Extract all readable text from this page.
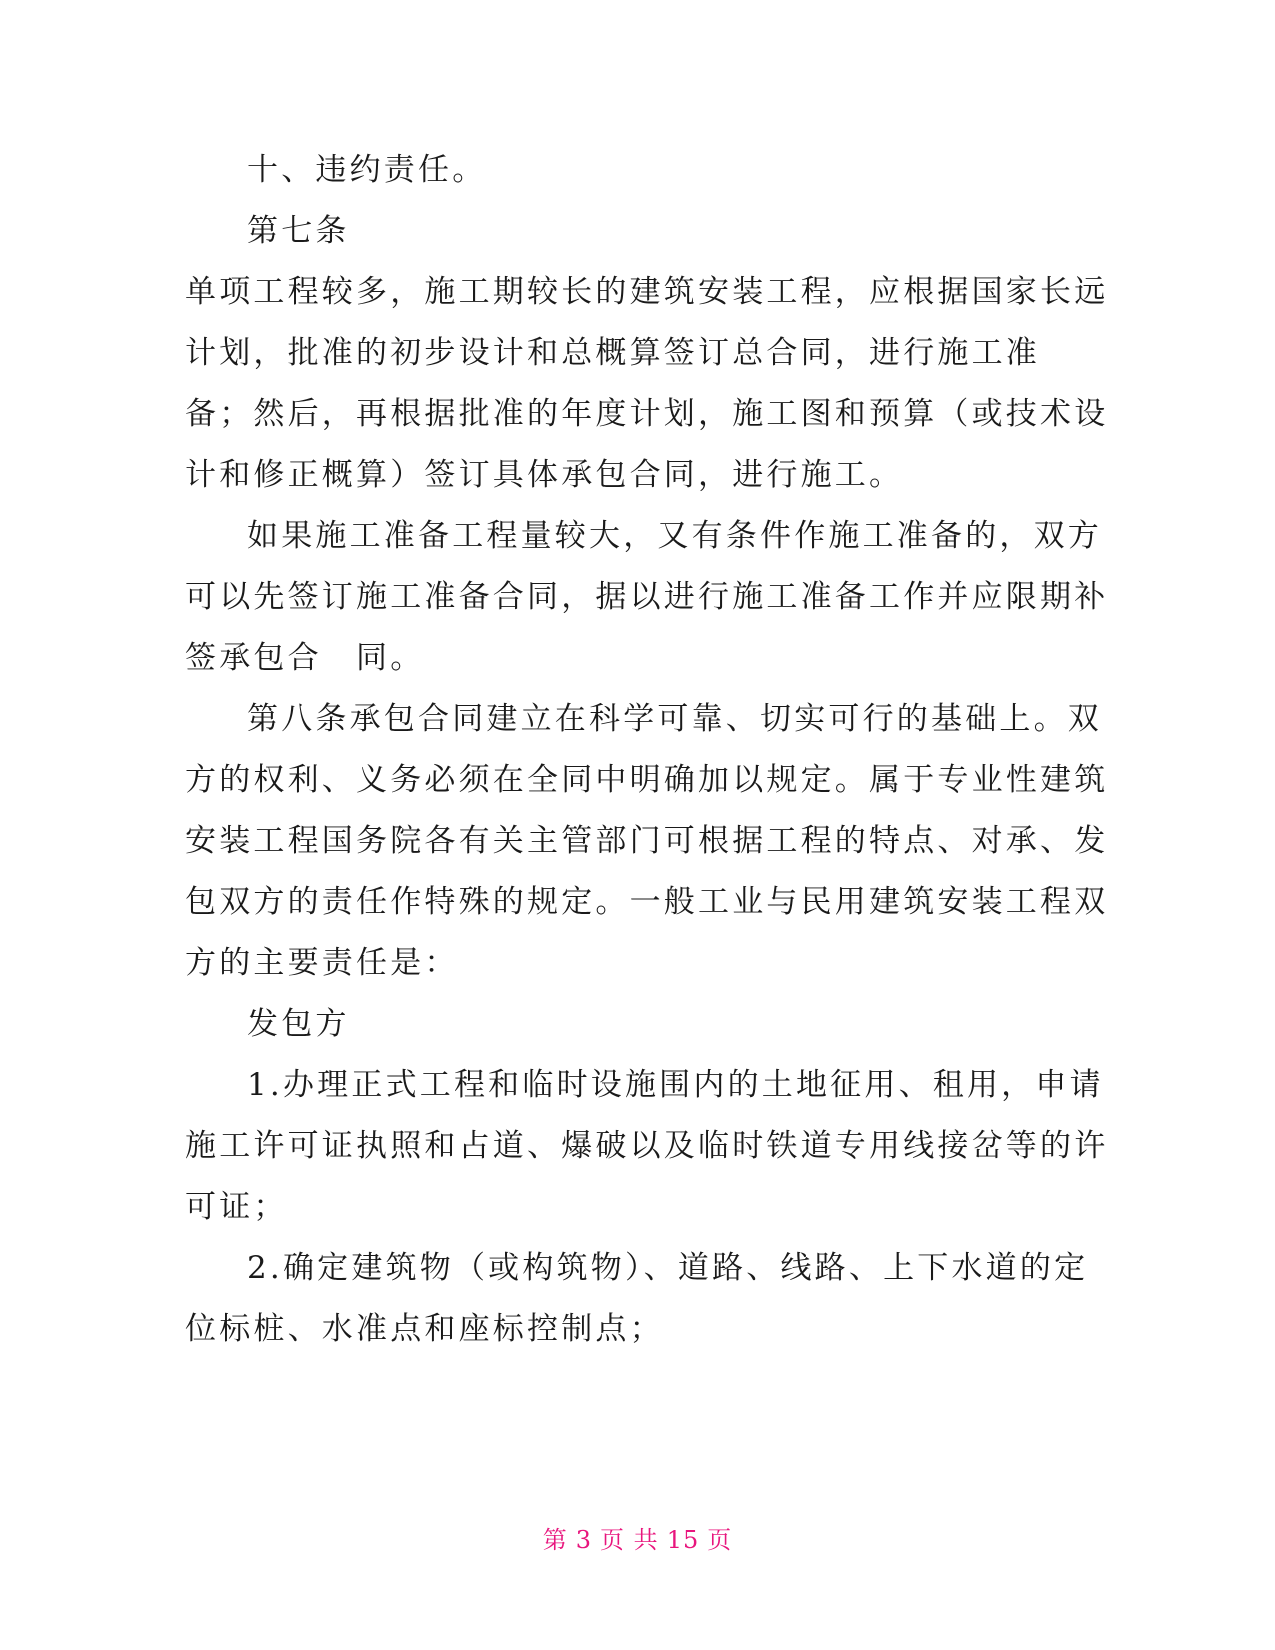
十、违约责任。
第七条
单项工程较多，施工期较长的建筑安装工程，应根据国家长远
计划，批准的初步设计和总概算签订总合同，进行施工准
备；然后，再根据批准的年度计划，施工图和预算（或技术设
计和修正概算）签订具体承包合同，进行施工。
如果施工准备工程量较大，又有条件作施工准备的，双方
可以先签订施工准备合同，据以进行施工准备工作并应限期补
签承包合　同。
第八条承包合同建立在科学可靠、切实可行的基础上。双
方的权利、义务必须在全同中明确加以规定。属于专业性建筑
安装工程国务院各有关主管部门可根据工程的特点、对承、发
包双方的责任作特殊的规定。一般工业与民用建筑安装工程双
方的主要责任是：
发包方
1.办理正式工程和临时设施围内的土地征用、租用，申请
施工许可证执照和占道、爆破以及临时铁道专用线接岔等的许
可证；
2.确定建筑物（或构筑物）、道路、线路、上下水道的定
位标桩、水准点和座标控制点；
第 3 页 共 15 页
